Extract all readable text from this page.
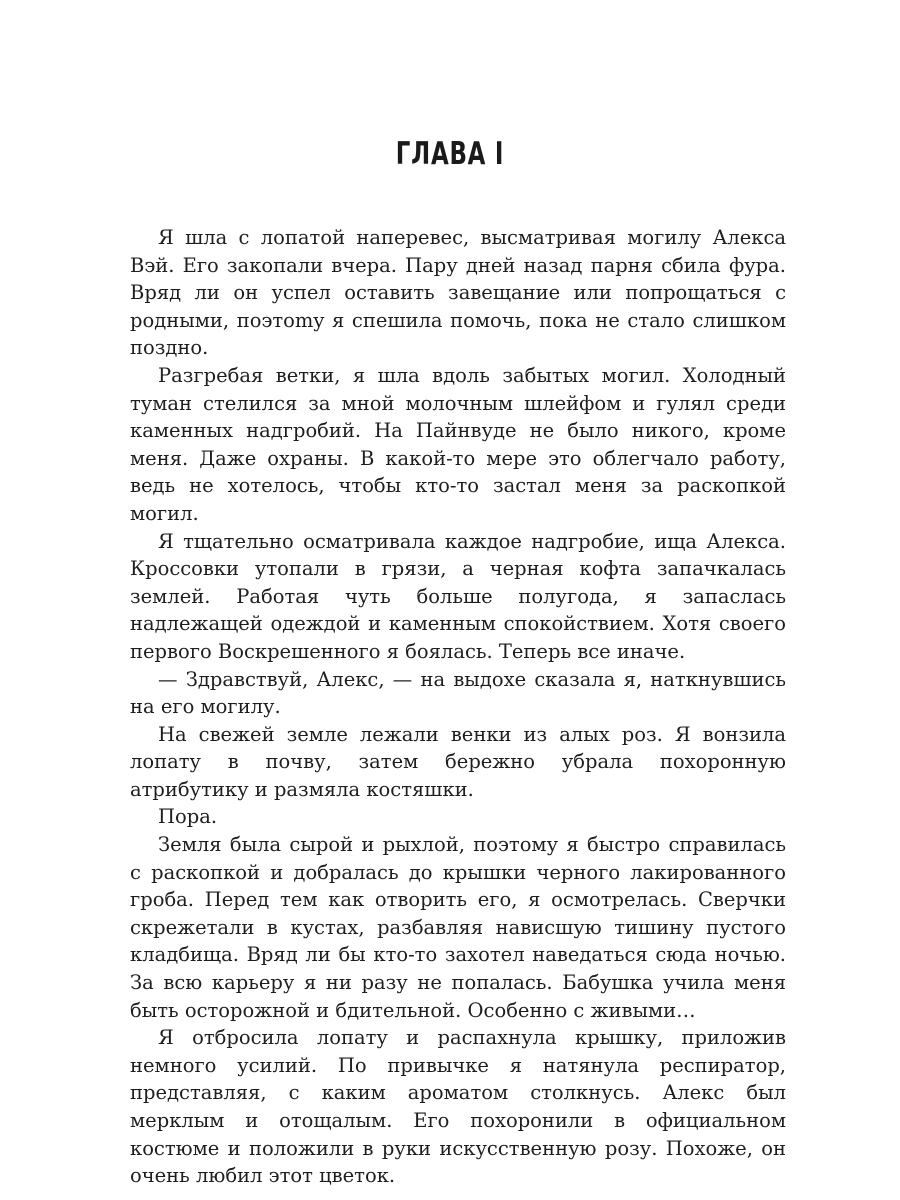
ГЛАВА I

Я шла с лопатой наперевес, высматривая могилу Алекса Вэй. Его закопали вчера. Пару дней назад парня сбила фура. Вряд ли он успел оставить завещание или попрощаться с родными, поэтоmy я спешила помочь, пока не стало слишком поздно.

Разгребая ветки, я шла вдоль забытых могил. Холодный туман стелился за мной молочным шлейфом и гулял среди каменных надгробий. На Пайнвуде не было никого, кроме меня. Даже охраны. В какой-то мере это облегчало работу, ведь не хотелось, чтобы кто-то застал меня за раскопкой могил.

Я тщательно осматривала каждое надгробие, ища Алекса. Кроссовки утопали в грязи, а черная кофта запачкалась землей. Работая чуть больше полугода, я запаслась надлежащей одеждой и каменным спокойствием. Хотя своего первого Воскрешенного я боялась. Теперь все иначе.

— Здравствуй, Алекс, — на выдохе сказала я, наткнувшись на его могилу.

На свежей земле лежали венки из алых роз. Я вонзила лопату в почву, затем бережно убрала похоронную атрибутику и размяла костяшки.

Пора.

Земля была сырой и рыхлой, поэтому я быстро справилась с раскопкой и добралась до крышки черного лакированного гроба. Перед тем как отворить его, я осмотрелась. Сверчки скрежетали в кустах, разбавляя нависшую тишину пустого кладбища. Вряд ли бы кто-то захотел наведаться сюда ночью. За всю карьеру я ни разу не попалась. Бабушка учила меня быть осторожной и бдительной. Особенно с живыми…

Я отбросила лопату и распахнула крышку, приложив немного усилий. По привычке я натянула респиратор, представляя, с каким ароматом столкнусь. Алекс был мерклым и отощалым. Его похоронили в официальном костюме и положили в руки искусственную розу. Похоже, он очень любил этот цветок.
